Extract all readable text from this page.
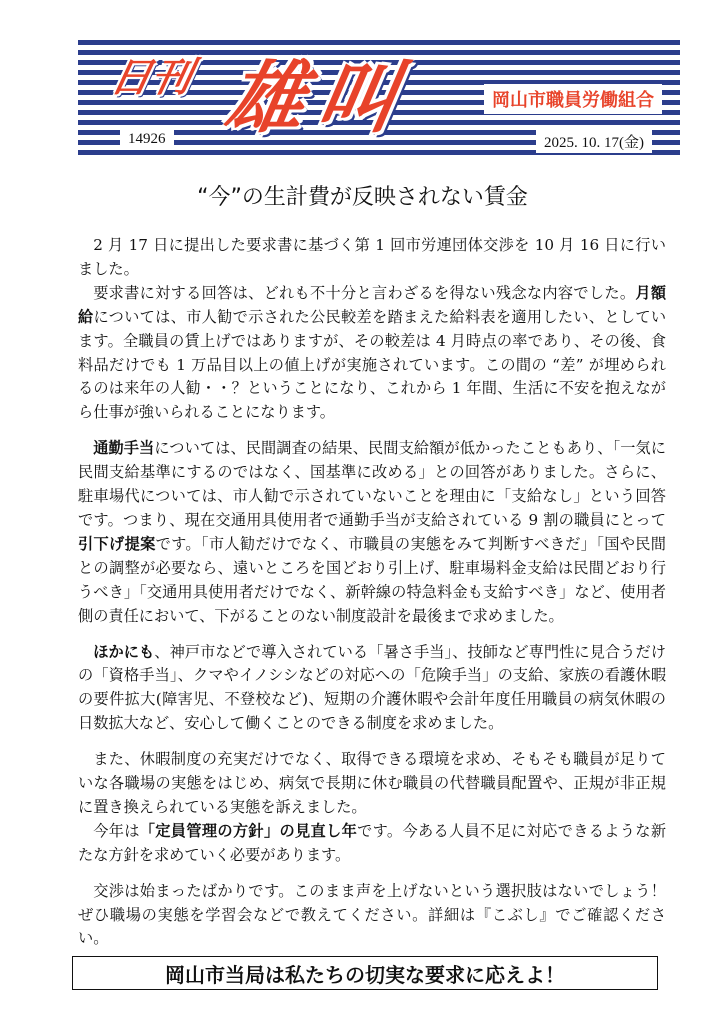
日刊 雄叫	岡山市職員労働組合
14926	2025. 10. 17(金)
“今”の生計費が反映されない賃金

2 月 17 日に提出した要求書に基づく第 1 回市労連団体交渉を 10 月 16 日に行いました。

要求書に対する回答は、どれも不十分と言わざるを得ない残念な内容でした。月額給については、市人勧で示された公民較差を踏まえた給料表を適用したい、としています。全職員の賃上げではありますが、その較差は 4 月時点の率であり、その後、食料品だけでも 1 万品目以上の値上げが実施されています。この間の “差” が埋められるのは来年の人勧・・？ということになり、これから 1 年間、生活に不安を抱えながら仕事が強いられることになります。

通勤手当については、民間調査の結果、民間支給額が低かったこともあり、「一気に民間支給基準にするのではなく、国基準に改める」との回答がありました。さらに、駐車場代については、市人勧で示されていないことを理由に「支給なし」という回答です。つまり、現在交通用具使用者で通勤手当が支給されている 9 割の職員にとって引下げ提案です。「市人勧だけでなく、市職員の実態をみて判断すべきだ」「国や民間との調整が必要なら、遠いところを国どおり引上げ、駐車場料金支給は民間どおり行うべき」「交通用具使用者だけでなく、新幹線の特急料金も支給すべき」など、使用者側の責任において、下がることのない制度設計を最後まで求めました。

ほかにも、神戸市などで導入されている「暑さ手当」、技師など専門性に見合うだけの「資格手当」、クマやイノシシなどの対応への「危険手当」の支給、家族の看護休暇の要件拡大(障害児、不登校など)、短期の介護休暇や会計年度任用職員の病気休暇の日数拡大など、安心して働くことのできる制度を求めました。

また、休暇制度の充実だけでなく、取得できる環境を求め、そもそも職員が足りていな各職場の実態をはじめ、病気で長期に休む職員の代替職員配置や、正規が非正規に置き換えられている実態を訴えました。

今年は「定員管理の方針」の見直し年です。今ある人員不足に対応できるような新たな方針を求めていく必要があります。

交渉は始まったばかりです。このまま声を上げないという選択肢はないでしょう！ぜひ職場の実態を学習会などで教えてください。詳細は『こぶし』でご確認ください。

岡山市当局は私たちの切実な要求に応えよ！
